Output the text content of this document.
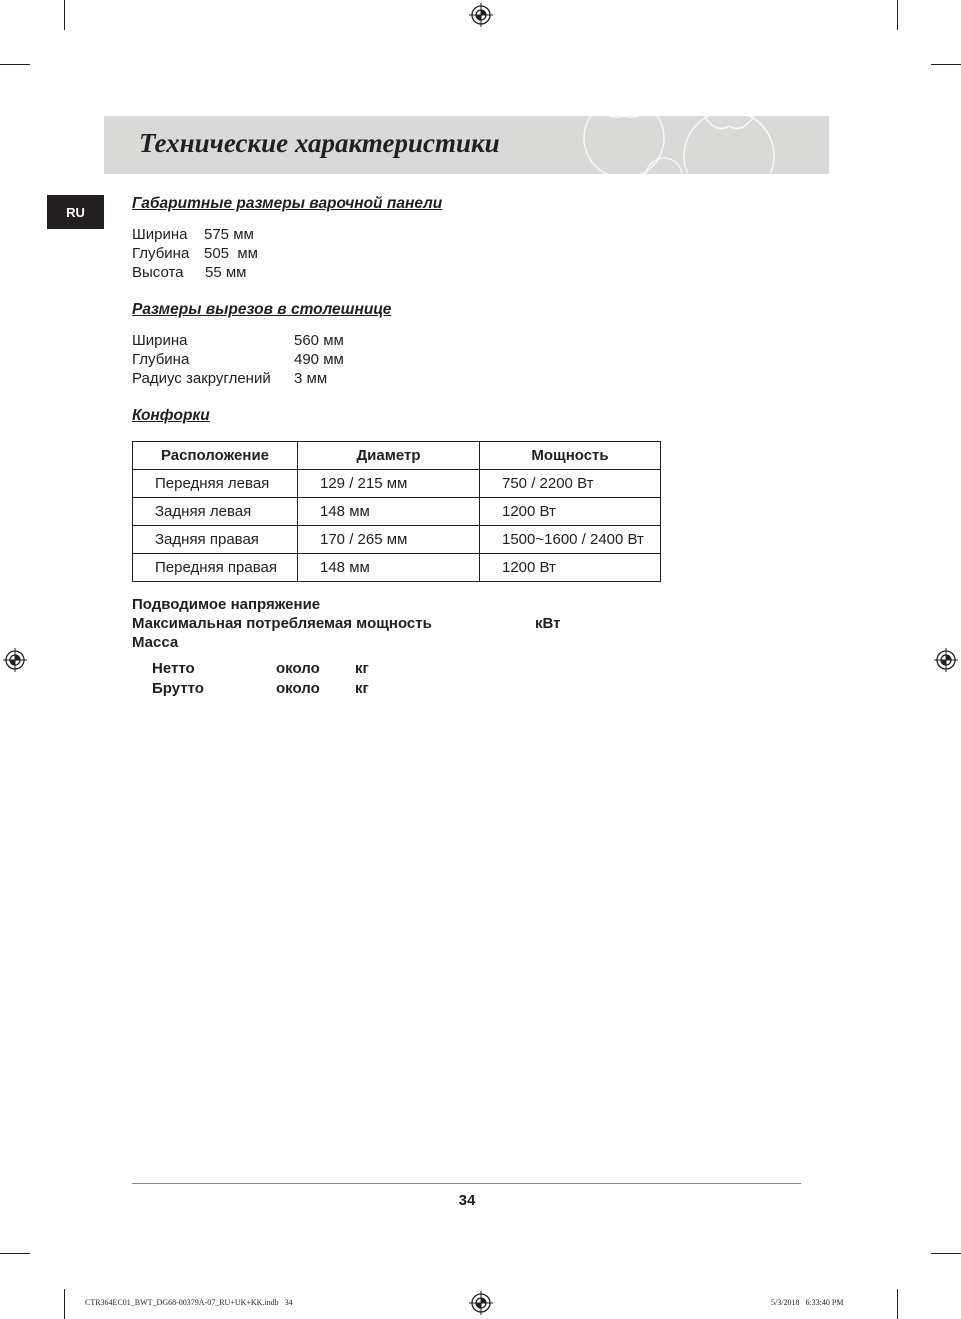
Технические характеристики
RU	Габаритные размеры варочной панели
Ширина 575 мм
Глубина 505  мм
Высота 55 мм
Размеры вырезов в столешнице
Ширина	560 мм
Глубина	490 мм
Радиус закруглений 3 мм
Конфорки
Расположение	Диаметр	Мощность
Передняя левая	129 / 215 мм	750 / 2200 Вт
Задняя левая	148 мм	1200 Вт
Задняя правая	170 / 265 мм	1500~1600 / 2400 Вт
Передняя правая	148 мм	1200 Вт
Подводимое напряжение
Максимальная потребляемая мощность	кВт
Масса
Нетто	около кг
Брутто	около кг
34
CTR364EC01_BWT_DG68-00379A-07_RU+UK+KK.indb   34	5/3/2018   6:33:40 PM
